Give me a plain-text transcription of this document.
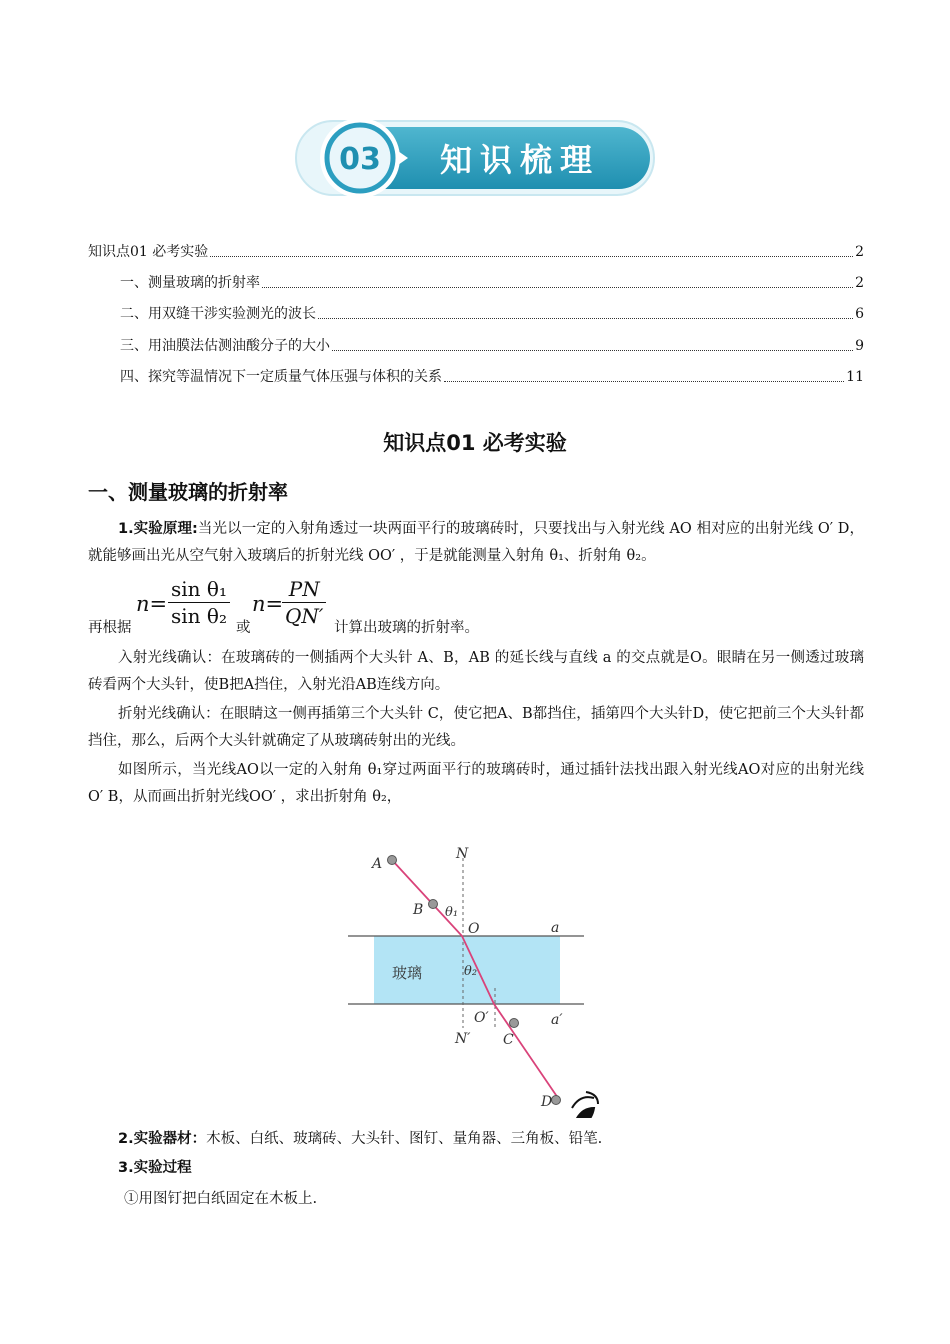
03 知识梳理
知识点01 必考实验	2
一、测量玻璃的折射率	2
二、用双缝干涉实验测光的波长	6
三、用油膜法估测油酸分子的大小	9
四、探究等温情况下一定质量气体压强与体积的关系	11
知识点01 必考实验
一、测量玻璃的折射率
1.实验原理:当光以一定的入射角透过一块两面平行的玻璃砖时，只要找出与入射光线 AO 相对应的出射光线 O′ D，就能够画出光从空气射入玻璃后的折射光线 OO′ ，于是就能测量入射角 θ₁、折射角 θ₂。
再根据
$n= \frac{\text{sin θ₁}}{\text{sin θ₂}}$ 或
n=
$\frac{PN}{QN'}$ 计算出玻璃的折射率。
入射光线确认：在玻璃砖的一侧插两个大头针 A、B，AB 的延长线与直线 a 的交点就是O。眼睛在另一侧透过玻璃砖看两个大头针，使B把A挡住，入射光沿AB连线方向。
折射光线确认：在眼睛这一侧再插第三个大头针 C，使它把A、B都挡住，插第四个大头针D，使它把前三个大头针都挡住，那么，后两个大头针就确定了从玻璃砖射出的光线。
如图所示，当光线AO以一定的入射角 θ₁穿过两面平行的玻璃砖时，通过插针法找出跟入射光线AO对应的出射光线O′ B，从而画出折射光线OO′ ，求出折射角 θ₂，
A
N
B θ₁
O	a
θ₂
O′	a′
N′ C
D
玻璃
2.实验器材：木板、白纸、玻璃砖、大头针、图钉、量角器、三角板、铅笔.
3.实验过程
①用图钉把白纸固定在木板上.
